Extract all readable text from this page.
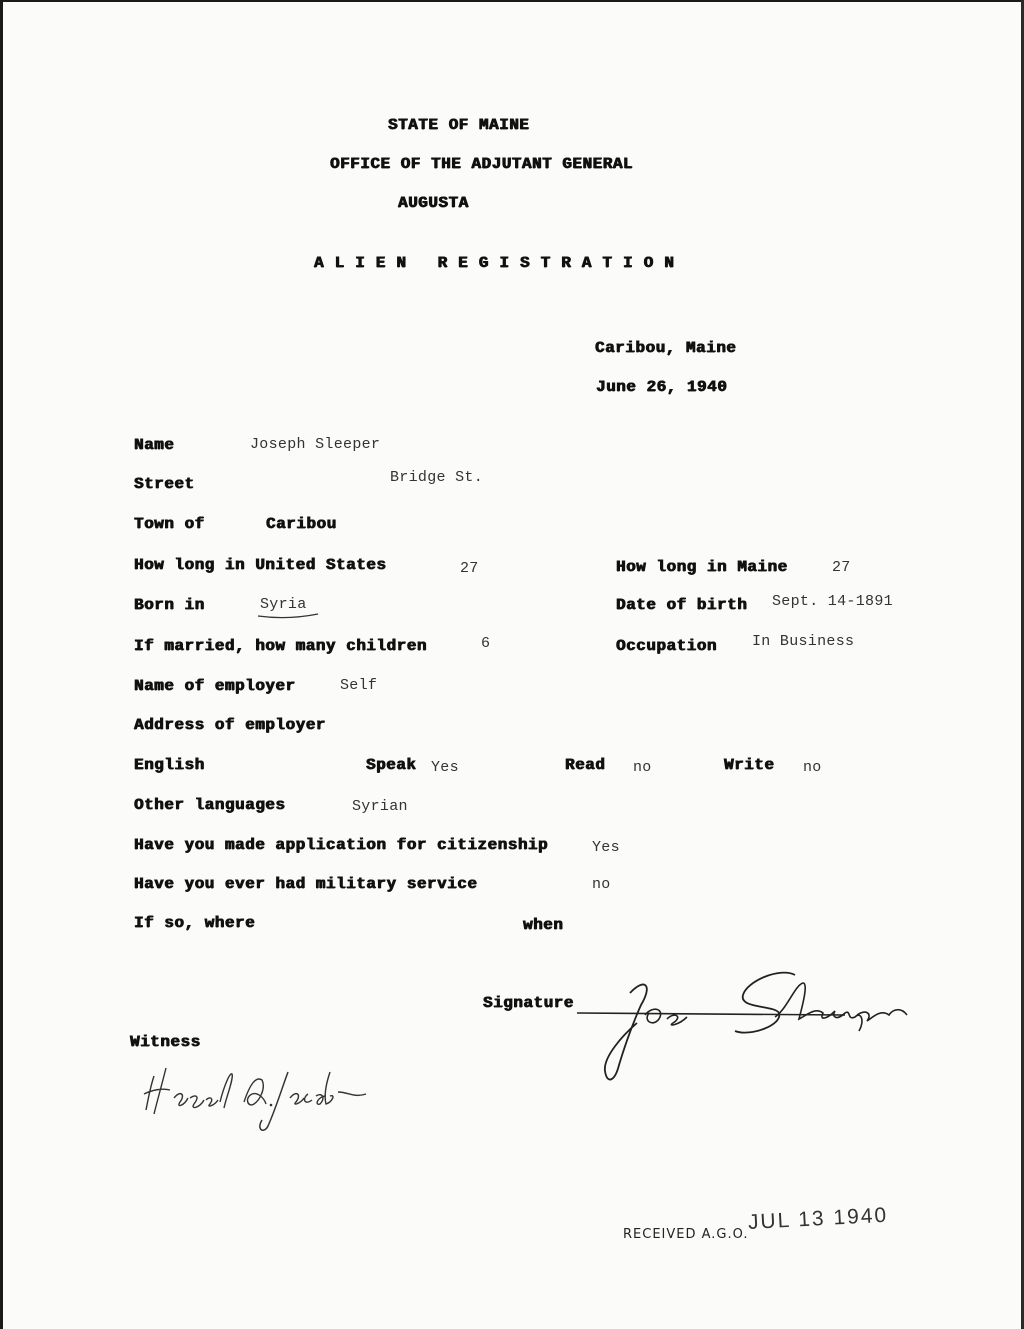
STATE OF MAINE
OFFICE OF THE ADJUTANT GENERAL
AUGUSTA
ALIEN REGISTRATION
Caribou, Maine
June 26, 1940
Name	Joseph Sleeper
Street	Bridge St.
Town of	Caribou
How long in United States	27	How long in Maine	27
Born in	Syria	Date of birth Sept. 14-1891
If married, how many children	6	Occupation In Business
Name of employer	Self
Address of employer
English	Speak Yes	Read no	Write no
Other languages	Syrian
Have you made application for citizenship	Yes
Have you ever had military service	no
If so, where	when
Signature
Witness
RECEIVED A.G.O.
JUL 13 1940
